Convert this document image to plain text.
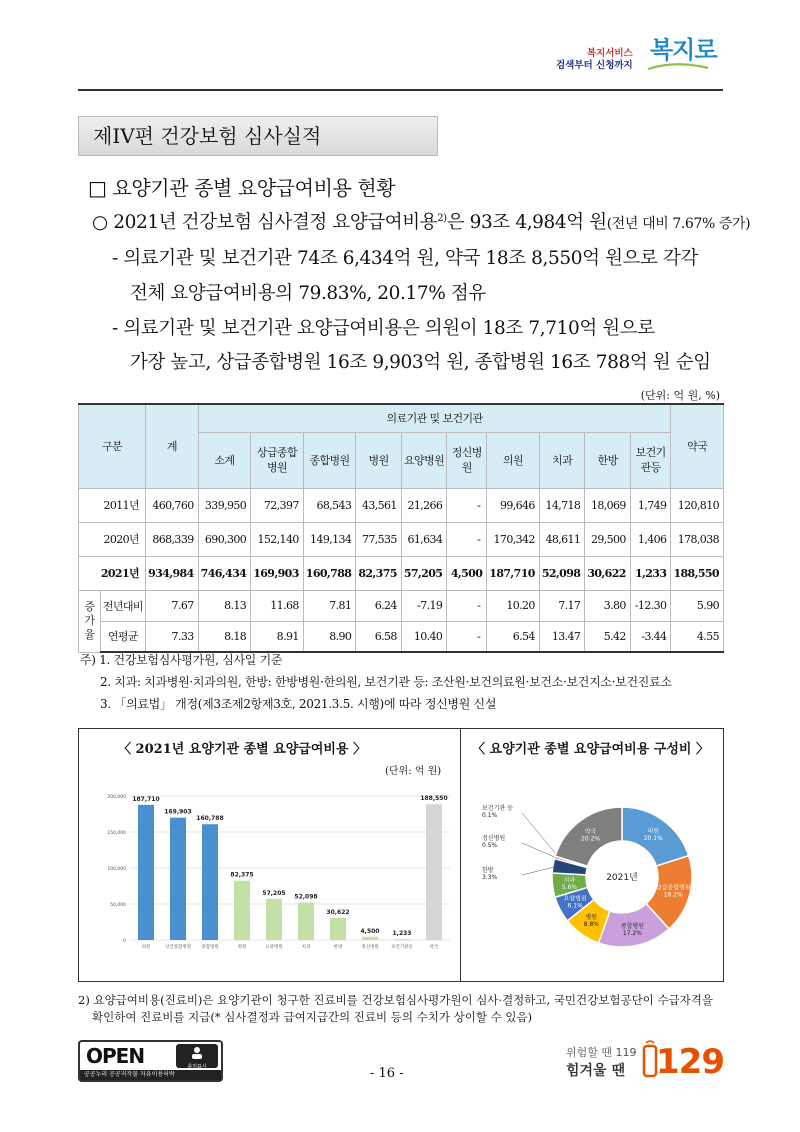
복지서비스
검색부터 신청까지
복지로
제IV편 건강보험 심사실적
□ 요양기관 종별 요양급여비용 현황
○ 2021년 건강보험 심사결정 요양급여비용$^{2)}$은 93조 4,984억 원(전년 대비 7.67% 증가)
- 의료기관 및 보건기관 74조 6,434억 원, 약국 18조 8,550억 원으로 각각
전체 요양급여비용의 79.83%, 20.17% 점유
- 의료기관 및 보건기관 요양급여비용은 의원이 18조 7,710억 원으로
가장 높고, 상급종합병원 16조 9,903억 원, 종합병원 16조 788억 원 순임
(단위: 억 원, %)
구분		계	의료기관 및 보건기관										약국
			소계	상급종합병원	종합병원	병원	요양병원	정신병원	의원	치과	한방	보건기관등	
2011년		460,760	339,950	72,397	68,543	43,561	21,266	-	99,646	14,718	18,069	1,749	120,810
2020년		868,339	690,300	152,140	149,134	77,535	61,634	-	170,342	48,611	29,500	1,406	178,038
2021년		934,984	746,434	169,903	160,788	82,375	57,205	4,500	187,710	52,098	30,622	1,233	188,550
증가율	전년대비	7.67	8.13	11.68	7.81	6.24	-7.19	-	10.20	7.17	3.80	-12.30	5.90
	연평균	7.33	8.18	8.91	8.90	6.58	10.40	-	6.54	13.47	5.42	-3.44	4.55
주) 1. 건강보험심사평가원, 심사일 기준
2. 치과: 치과병원·치과의원, 한방: 한방병원·한의원, 보건기관 등: 조산원·보건의료원·보건소·보건지소·보건진료소
3. 「의료법」 개정(제3조제2항제3호, 2021.3.5. 시행)에 따라 정신병원 신설
〈 2021년 요양기관 종별 요양급여비용 〉
(단위: 억 원)
〈 요양기관 종별 요양급여비용 구성비 〉
0
50,000
100,000
150,000
200,000 187,710
의원
169,903
상급종합병원
160,788
종합병원
82,375
병원
57,205
요양병원
52,098
치과
30,622
한방
4,500
정신병원
1,233
보건기관등
188,550
약국
의원
20.1%
상급종합병원
18.2%
종합병원
17.2%
병원
8.8%
요양병원
6.1%
치과
5.6%
한방
3.3%
정신병원
0.5%
보건기관 등
0.1%
약국
20.2%
2021년
2) 요양급여비용(진료비)은 요양기관이 청구한 진료비를 건강보험심사평가원이 심사·결정하고, 국민건강보험공단이 수급자격을
확인하여 진료비를 지급(* 심사결정과 급여지급간의 진료비 등의 수치가 상이할 수 있음)
OPEN	출처표시
공공누리 공공저작물 자유이용허락	- 16 -
위험할 땐 119
힘겨울 땐 129
